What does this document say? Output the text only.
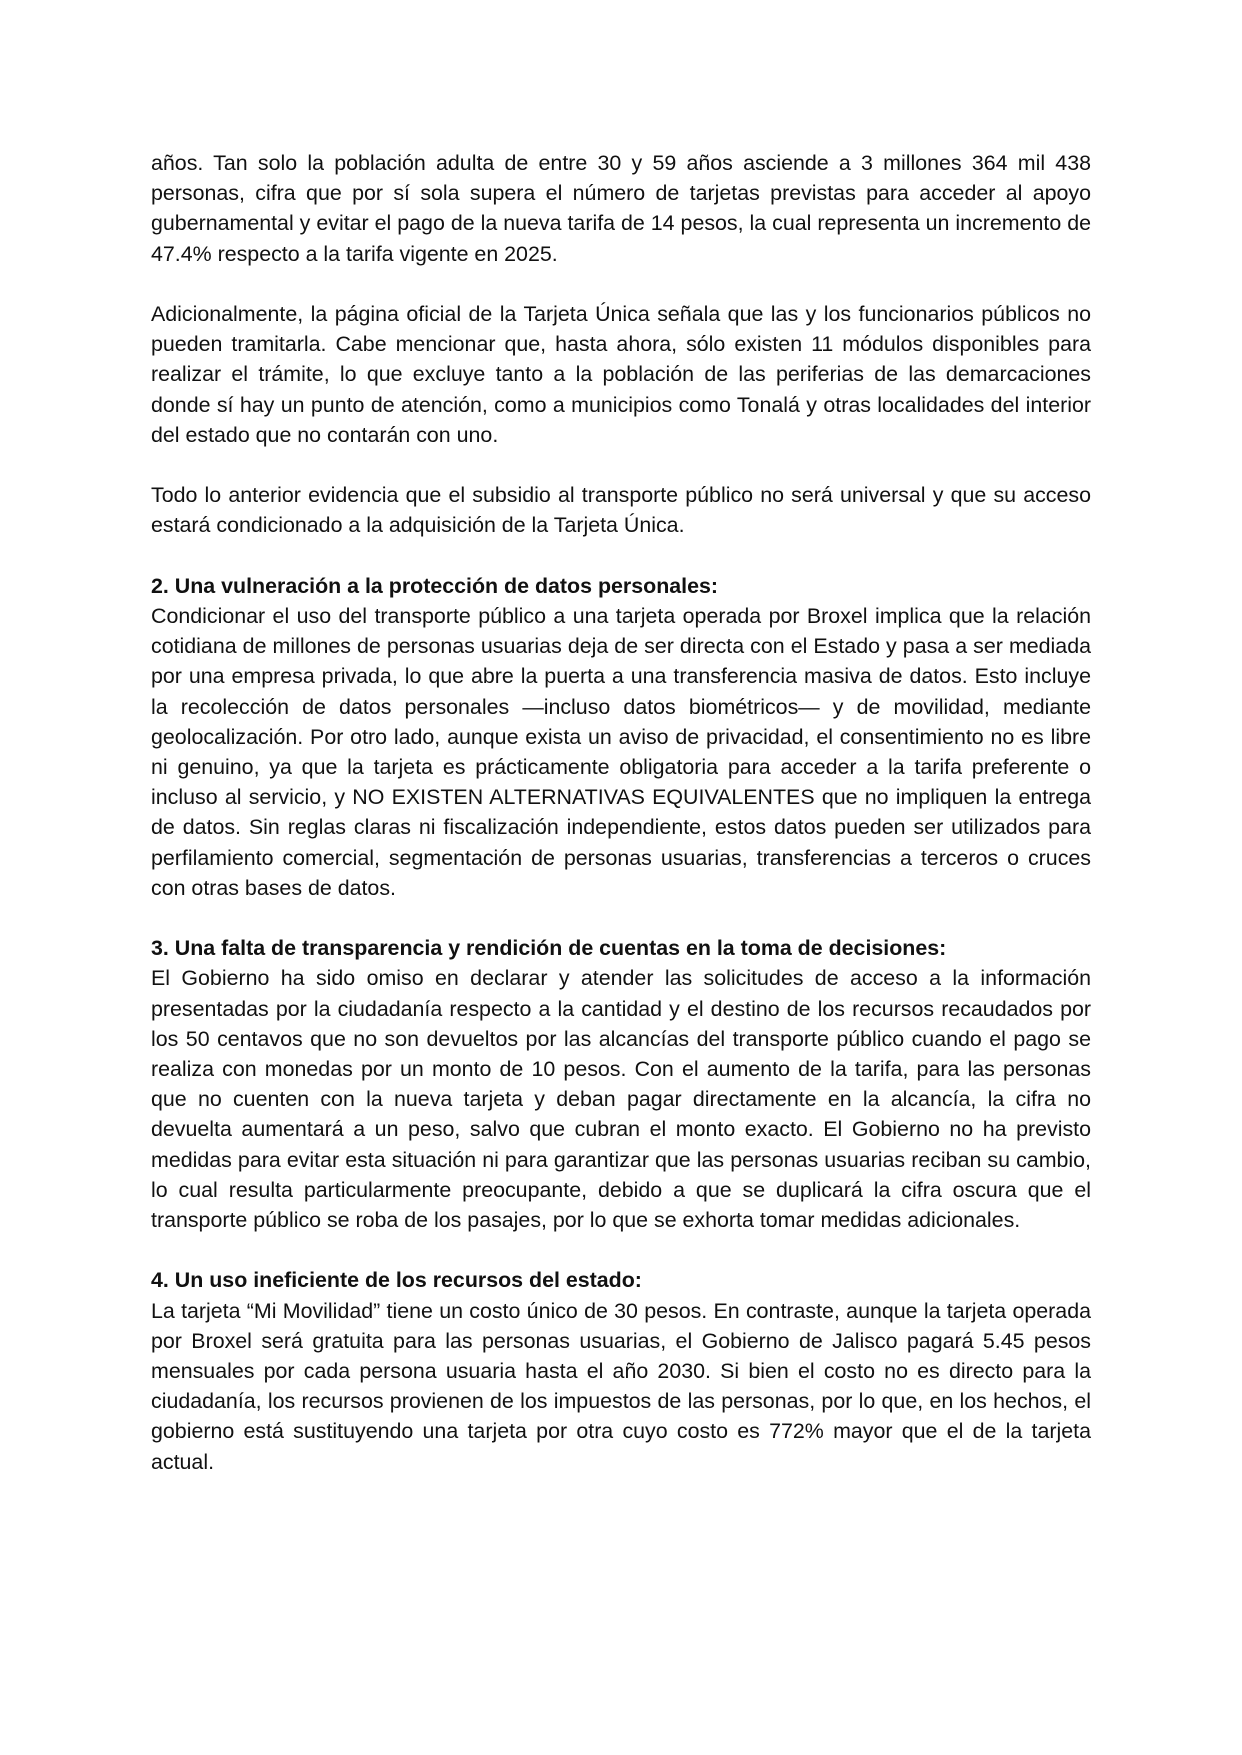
años. Tan solo la población adulta de entre 30 y 59 años asciende a 3 millones 364 mil 438 personas, cifra que por sí sola supera el número de tarjetas previstas para acceder al apoyo gubernamental y evitar el pago de la nueva tarifa de 14 pesos, la cual representa un incremento de 47.4% respecto a la tarifa vigente en 2025.

Adicionalmente, la página oficial de la Tarjeta Única señala que las y los funcionarios públicos no pueden tramitarla. Cabe mencionar que, hasta ahora, sólo existen 11 módulos disponibles para realizar el trámite, lo que excluye tanto a la población de las periferias de las demarcaciones donde sí hay un punto de atención, como a municipios como Tonalá y otras localidades del interior del estado que no contarán con uno.

Todo lo anterior evidencia que el subsidio al transporte público no será universal y que su acceso estará condicionado a la adquisición de la Tarjeta Única.

2. Una vulneración a la protección de datos personales:

Condicionar el uso del transporte público a una tarjeta operada por Broxel implica que la relación cotidiana de millones de personas usuarias deja de ser directa con el Estado y pasa a ser mediada por una empresa privada, lo que abre la puerta a una transferencia masiva de datos. Esto incluye la recolección de datos personales —incluso datos biométricos— y de movilidad, mediante geolocalización. Por otro lado, aunque exista un aviso de privacidad, el consentimiento no es libre ni genuino, ya que la tarjeta es prácticamente obligatoria para acceder a la tarifa preferente o incluso al servicio, y NO EXISTEN ALTERNATIVAS EQUIVALENTES que no impliquen la entrega de datos. Sin reglas claras ni fiscalización independiente, estos datos pueden ser utilizados para perfilamiento comercial, segmentación de personas usuarias, transferencias a terceros o cruces con otras bases de datos.

3. Una falta de transparencia y rendición de cuentas en la toma de decisiones:

El Gobierno ha sido omiso en declarar y atender las solicitudes de acceso a la información presentadas por la ciudadanía respecto a la cantidad y el destino de los recursos recaudados por los 50 centavos que no son devueltos por las alcancías del transporte público cuando el pago se realiza con monedas por un monto de 10 pesos. Con el aumento de la tarifa, para las personas que no cuenten con la nueva tarjeta y deban pagar directamente en la alcancía, la cifra no devuelta aumentará a un peso, salvo que cubran el monto exacto. El Gobierno no ha previsto medidas para evitar esta situación ni para garantizar que las personas usuarias reciban su cambio, lo cual resulta particularmente preocupante, debido a que se duplicará la cifra oscura que el transporte público se roba de los pasajes, por lo que se exhorta tomar medidas adicionales.

4. Un uso ineficiente de los recursos del estado:

La tarjeta “Mi Movilidad” tiene un costo único de 30 pesos. En contraste, aunque la tarjeta operada por Broxel será gratuita para las personas usuarias, el Gobierno de Jalisco pagará 5.45 pesos mensuales por cada persona usuaria hasta el año 2030. Si bien el costo no es directo para la ciudadanía, los recursos provienen de los impuestos de las personas, por lo que, en los hechos, el gobierno está sustituyendo una tarjeta por otra cuyo costo es 772% mayor que el de la tarjeta actual.
